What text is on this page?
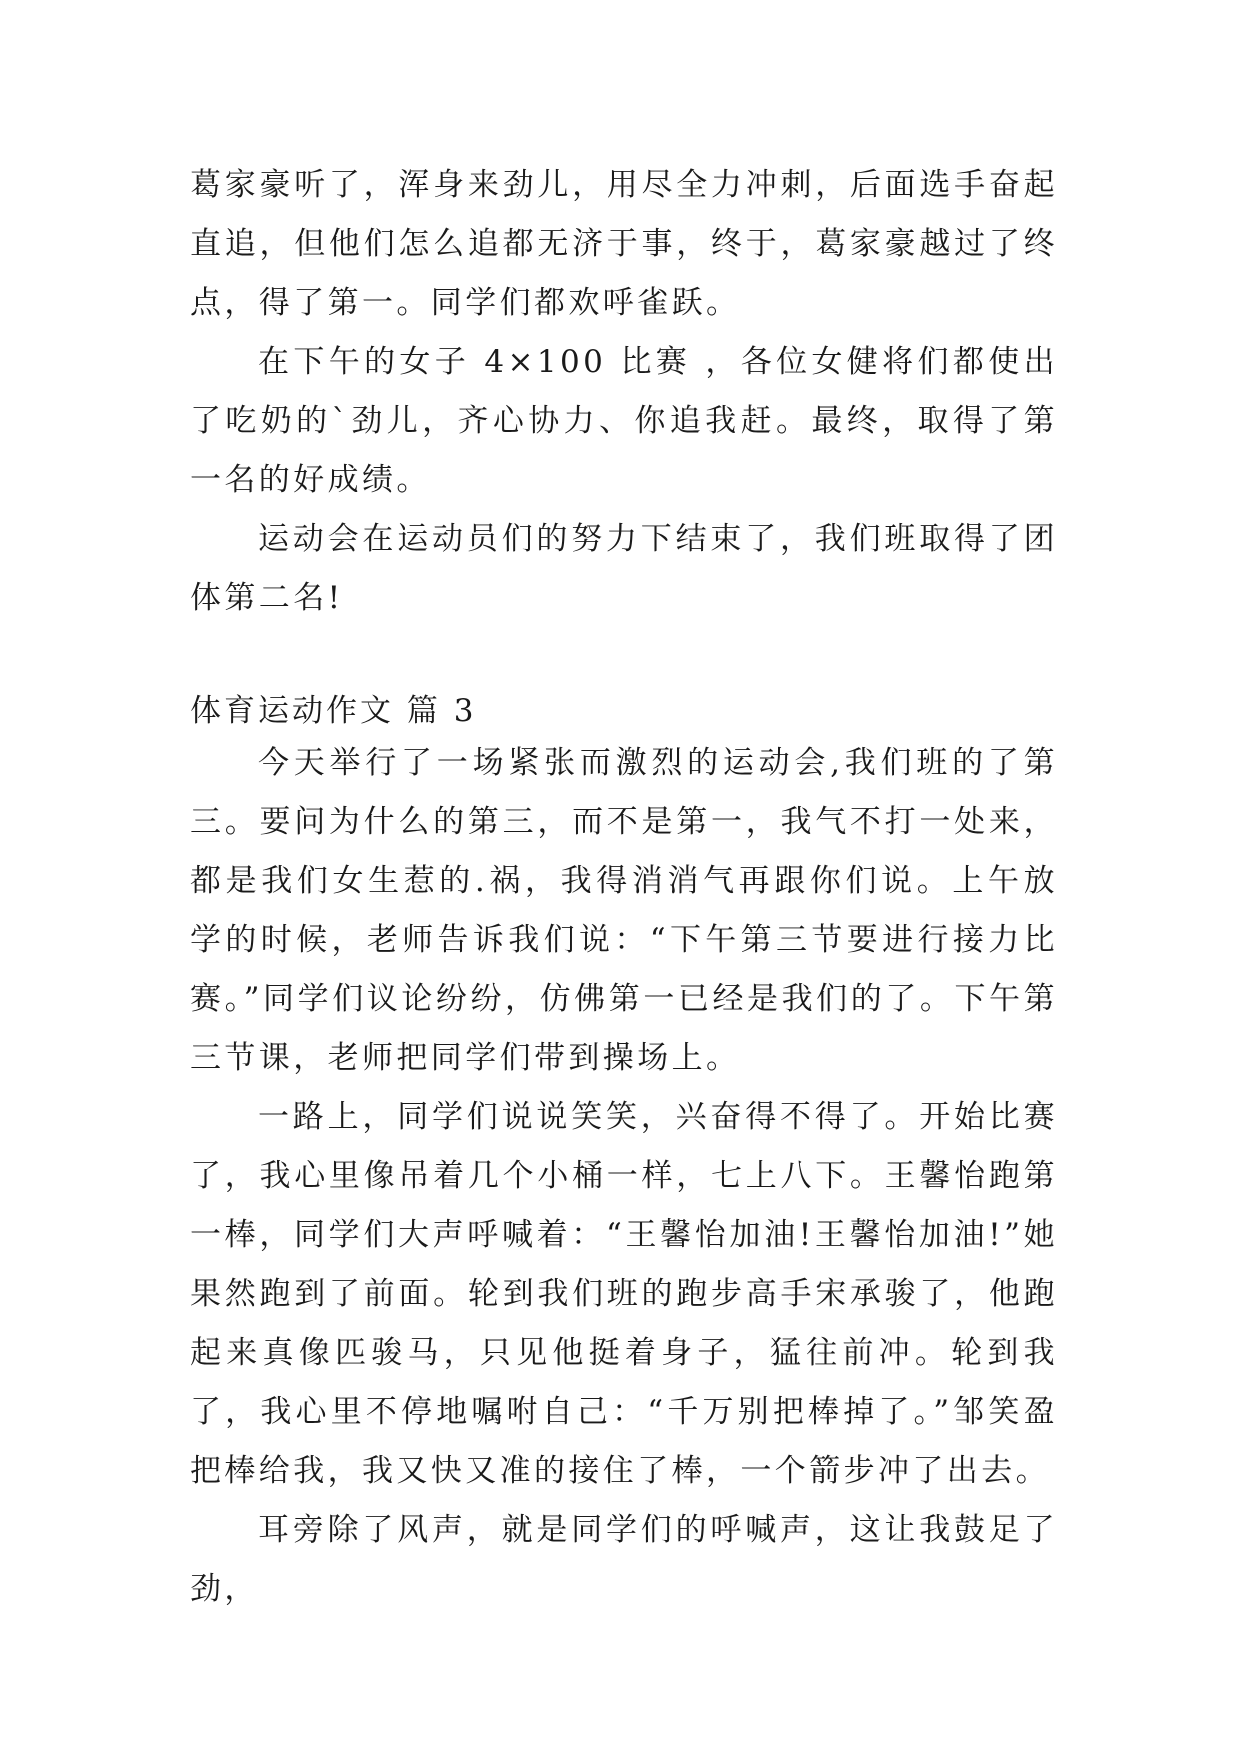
葛家豪听了，浑身来劲儿，用尽全力冲刺，后面选手奋起直追，但他们怎么追都无济于事，终于，葛家豪越过了终点，得了第一。同学们都欢呼雀跃。

在下午的女子 4×100 比赛 ，各位女健将们都使出了吃奶的`劲儿，齐心协力、你追我赶。最终，取得了第一名的好成绩。

运动会在运动员们的努力下结束了，我们班取得了团体第二名!

体育运动作文 篇 3

今天举行了一场紧张而激烈的运动会,我们班的了第三。要问为什么的第三，而不是第一，我气不打一处来，都是我们女生惹的.祸，我得消消气再跟你们说。上午放学的时候，老师告诉我们说：“下午第三节要进行接力比赛。”同学们议论纷纷，仿佛第一已经是我们的了。下午第三节课，老师把同学们带到操场上。

一路上，同学们说说笑笑，兴奋得不得了。开始比赛了，我心里像吊着几个小桶一样，七上八下。王馨怡跑第一棒，同学们大声呼喊着：“王馨怡加油!王馨怡加油!”她果然跑到了前面。轮到我们班的跑步高手宋承骏了，他跑起来真像匹骏马，只见他挺着身子，猛往前冲。轮到我了，我心里不停地嘱咐自己：“千万别把棒掉了。”邹笑盈把棒给我，我又快又准的接住了棒，一个箭步冲了出去。

耳旁除了风声，就是同学们的呼喊声，这让我鼓足了劲，
